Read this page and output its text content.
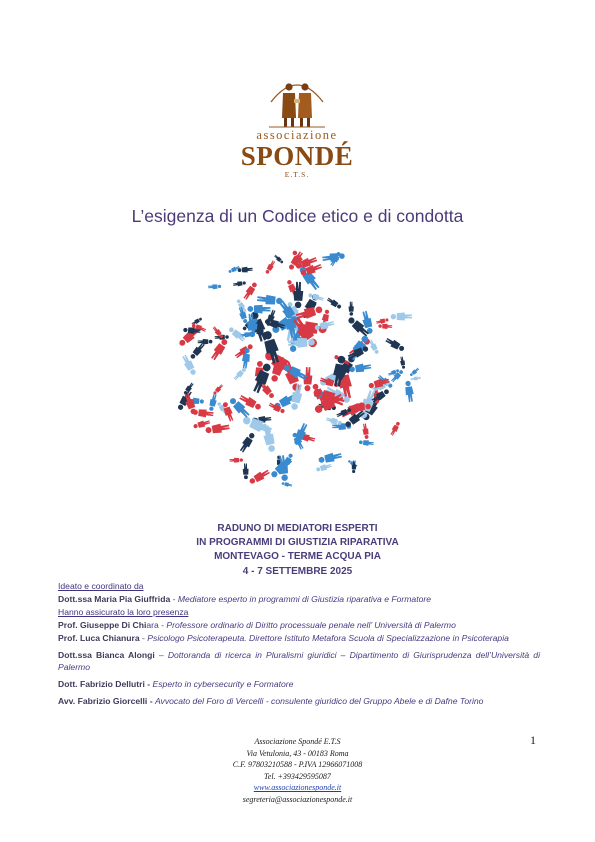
associazione
SPONDÉ
E.T.S.
L’esigenza di un Codice etico e di condotta
RADUNO DI MEDIATORI ESPERTI
IN PROGRAMMI DI GIUSTIZIA RIPARATIVA
MONTEVAGO - TERME ACQUA PIA
4 - 7 SETTEMBRE 2025
Ideato e coordinato da
Dott.ssa Maria Pia Giuffrida - Mediatore esperto in programmi di Giustizia riparativa e Formatore
Hanno assicurato la loro presenza
Prof. Giuseppe Di Chiara - Professore ordinario di Diritto processuale penale nell’ Università di Palermo
Prof. Luca Chianura - Psicologo Psicoterapeuta. Direttore Istituto Metafora Scuola di Specializzazione in Psicoterapia
Dott.ssa Bianca Alongi – Dottoranda di ricerca in Pluralismi giuridici – Dipartimento di Giurisprudenza dell’Università di Palermo
Dott. Fabrizio Dellutri - Esperto in cybersecurity e Formatore
Avv. Fabrizio Giorcelli - Avvocato del Foro di Vercelli - consulente giuridico del Gruppo Abele e di Dafne Torino
1
Associazione Spondé E.T.S
Via Vetulonia, 43 - 00183 Roma
C.F. 97803210588 - P.IVA 12966071008
Tel. +393429595087
www.associazionesponde.it
segreteria@associazionesponde.it
